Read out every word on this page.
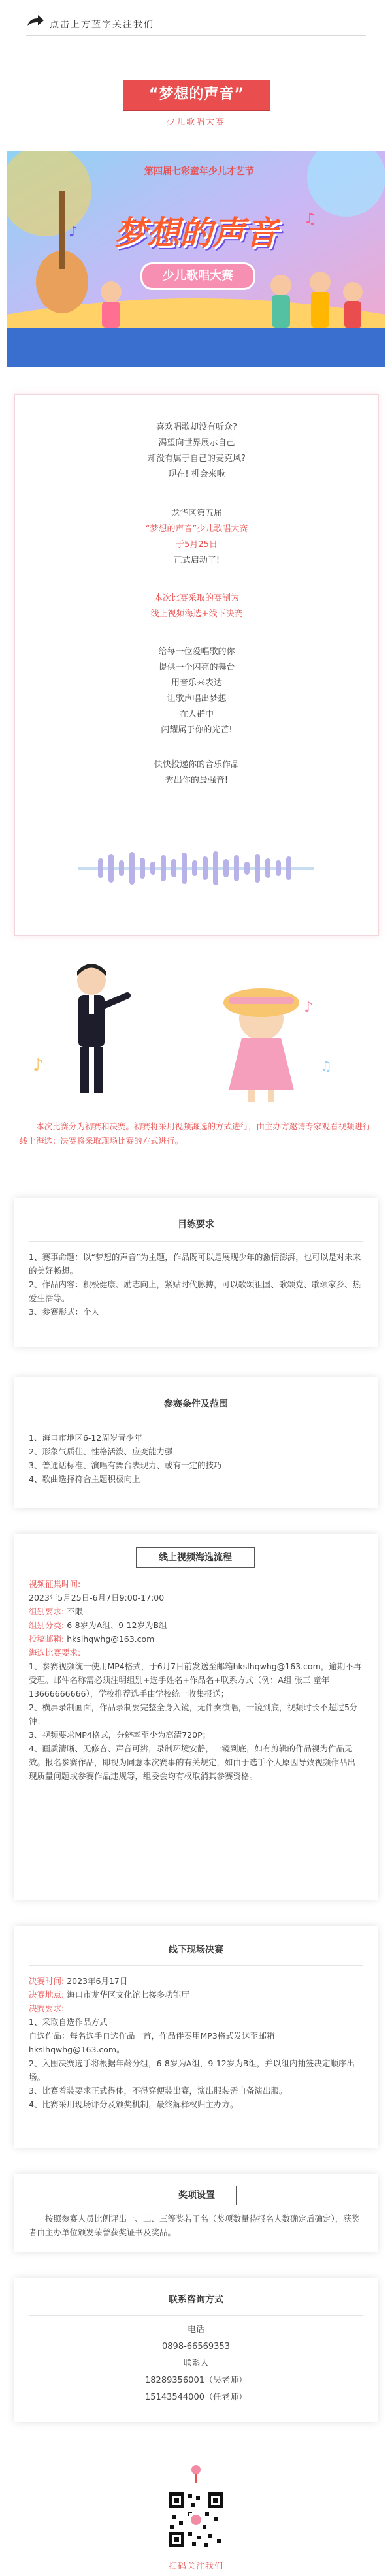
点击上方蓝字关注我们
“梦想的声音”
少儿歌唱大赛
♪
♫
第四届七彩童年少儿才艺节
梦想的声音
少儿歌唱大赛
喜欢唱歌却没有听众?
渴望向世界展示自己
却没有属于自己的麦克风?
现在! 机会来啦
龙华区第五届
“梦想的声音”少儿歌唱大赛
于5月25日
正式启动了!
本次比赛采取的赛制为
线上视频海选+线下决赛
给每一位爱唱歌的你
提供一个闪亮的舞台
用音乐来表达
让歌声唱出梦想
在人群中
闪耀属于你的光芒!
快快投递你的音乐作品
秀出你的最强音!
♪
♪	♫
本次比赛分为初赛和决赛。初赛将采用视频海选的方式进行，由主办方邀请专家观看视频进行线上海选；决赛将采取现场比赛的方式进行。
目练要求

1、赛事命题：以“梦想的声音”为主题，作品既可以是展现少年的激情澎湃，也可以是对未来的美好畅想。

2、作品内容：积极健康、励志向上，紧贴时代脉搏，可以歌颂祖国、歌颂党、歌颂家乡、热爱生活等。

3、参赛形式：个人

参赛条件及范围

1、海口市地区6-12周岁青少年

2、形象气质佳、性格活泼、应变能力强

3、普通话标准、演唱有舞台表现力、或有一定的技巧

4、歌曲选择符合主题积极向上

线上视频海选流程

视频征集时间:

2023年5月25日-6月7日9:00-17:00

组别要求: 不限

组别分类: 6-8岁为A组、9-12岁为B组

投稿邮箱: hkslhqwhg@163.com

海选比赛要求:

1、参赛视频统一使用MP4格式，于6月7日前发送至邮箱hkslhqwhg@163.com，逾期不再受理。邮件名称需必须注明组别+选手姓名+作品名+联系方式（例：A组 张三 童年 13666666666），学校推荐选手由学校统一收集报送；

2、横屏录制画面，作品录制要完整全身入镜，无伴奏演唱，一镜到底，视频时长不超过5分钟；

3、视频要求MP4格式，分辨率至少为高清720P；

4、画质清晰、无修音、声音可辨，录制环境安静，一镜到底，如有剪辑的作品视为作品无效。报名参赛作品，即视为同意本次赛事的有关规定，如由于选手个人原因导致视频作品出现质量问题或参赛作品违规等，组委会均有权取消其参赛资格。

线下现场决赛

决赛时间: 2023年6月17日

决赛地点: 海口市龙华区文化馆七楼多功能厅

决赛要求:

1、采取自选作品方式

自选作品：每名选手自选作品一首，作品伴奏用MP3格式发送至邮箱hkslhqwhg@163.com。

2、入围决赛选手将根据年龄分组，6-8岁为A组，9-12岁为B组，并以组内抽签决定顺序出场。

3、比赛着装要求正式得体，不得穿便装出赛，演出服装需自备演出服。

4、比赛采用现场评分及颁奖机制，最终解释权归主办方。

奖项设置
按照参赛人员比例评出一、二、三等奖若干名（奖项数量待报名人数确定后确定），获奖者由主办单位颁发荣誉获奖证书及奖品。
联系咨询方式
电话
0898-66569353
联系人
18289356001（吴老师）
15143544000（任老师）
扫码关注我们
